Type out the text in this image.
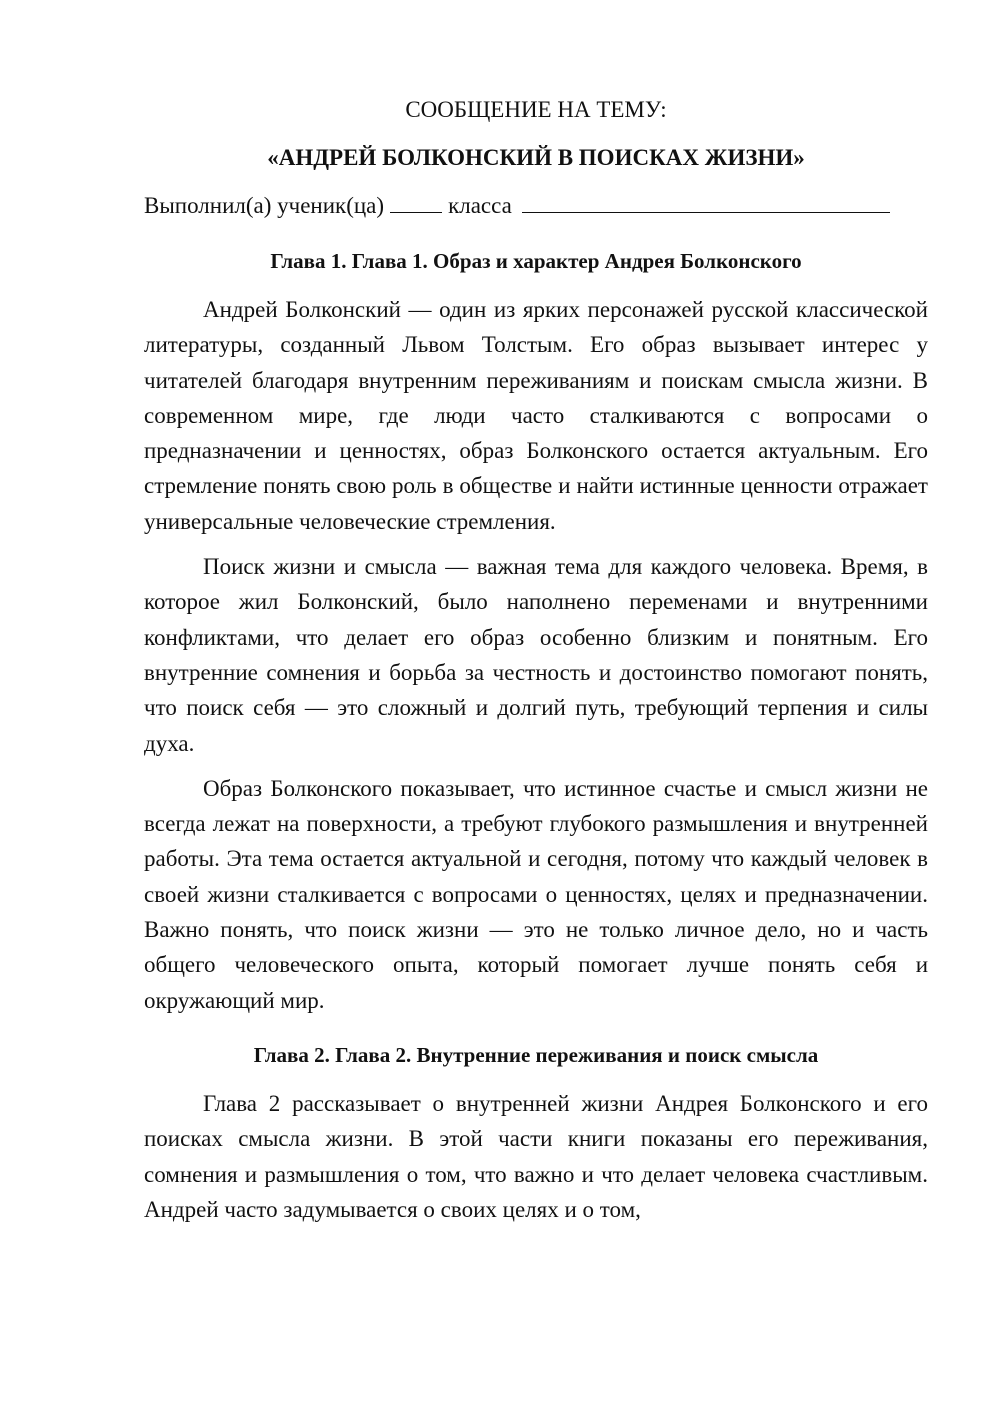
СООБЩЕНИЕ НА ТЕМУ:

«АНДРЕЙ БОЛКОНСКИЙ В ПОИСКАХ ЖИЗНИ»

Выполнил(а) ученик(ца)	класса

Глава 1. Глава 1. Образ и характер Андрея Болконского

Андрей Болконский — один из ярких персонажей русской классической литературы, созданный Львом Толстым. Его образ вызывает интерес у читателей благодаря внутренним переживаниям и поискам смысла жизни. В современном мире, где люди часто сталкиваются с вопросами о предназначении и ценностях, образ Болконского остается актуальным. Его стремление понять свою роль в обществе и найти истинные ценности отражает универсальные человеческие стремления.

Поиск жизни и смысла — важная тема для каждого человека. Время, в которое жил Болконский, было наполнено переменами и внутренними конфликтами, что делает его образ особенно близким и понятным. Его внутренние сомнения и борьба за честность и достоинство помогают понять, что поиск себя — это сложный и долгий путь, требующий терпения и силы духа.

Образ Болконского показывает, что истинное счастье и смысл жизни не всегда лежат на поверхности, а требуют глубокого размышления и внутренней работы. Эта тема остается актуальной и сегодня, потому что каждый человек в своей жизни сталкивается с вопросами о ценностях, целях и предназначении. Важно понять, что поиск жизни — это не только личное дело, но и часть общего человеческого опыта, который помогает лучше понять себя и окружающий мир.

Глава 2. Глава 2. Внутренние переживания и поиск смысла

Глава 2 рассказывает о внутренней жизни Андрея Болконского и его поисках смысла жизни. В этой части книги показаны его переживания, сомнения и размышления о том, что важно и что делает человека счастливым. Андрей часто задумывается о своих целях и о том,
